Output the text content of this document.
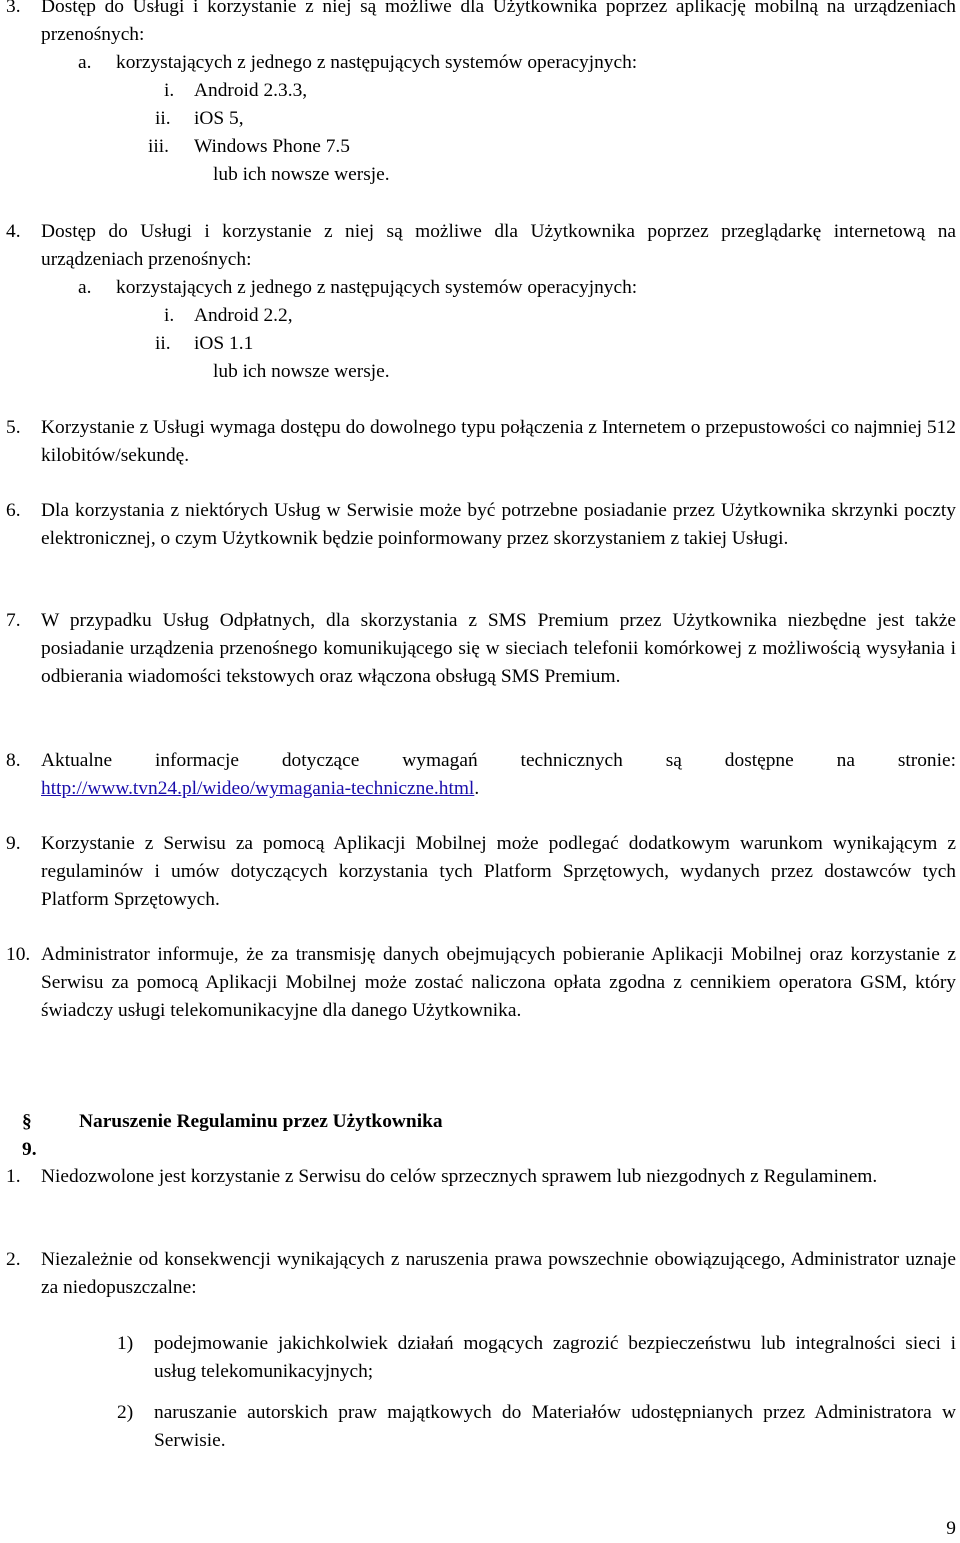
3. Dostęp do Usługi i korzystanie z niej są możliwe dla Użytkownika poprzez aplikację mobilną na urządzeniach przenośnych:
a. korzystających z jednego z następujących systemów operacyjnych:
i. Android 2.3.3,
ii. iOS 5,
iii. Windows Phone 7.5
lub ich nowsze wersje.
4. Dostęp do Usługi i korzystanie z niej są możliwe dla Użytkownika poprzez przeglądarkę internetową na urządzeniach przenośnych:
a. korzystających z jednego z następujących systemów operacyjnych:
i. Android 2.2,
ii. iOS 1.1
lub ich nowsze wersje.
5. Korzystanie z Usługi wymaga dostępu do dowolnego typu połączenia z Internetem o przepustowości co najmniej 512 kilobitów/sekundę.
6. Dla korzystania z niektórych Usług w Serwisie może być potrzebne posiadanie przez Użytkownika skrzynki poczty elektronicznej, o czym Użytkownik będzie poinformowany przez skorzystaniem z takiej Usługi.
7. W przypadku Usług Odpłatnych, dla skorzystania z SMS Premium przez Użytkownika niezbędne jest także posiadanie urządzenia przenośnego komunikującego się w sieciach telefonii komórkowej z możliwością wysyłania i odbierania wiadomości tekstowych oraz włączona obsługą SMS Premium.
8. Aktualne informacje dotyczące wymagań technicznych są dostępne na stronie:
http://www.tvn24.pl/wideo/wymagania-techniczne.html.
9. Korzystanie z Serwisu za pomocą Aplikacji Mobilnej może podlegać dodatkowym warunkom wynikającym z regulaminów i umów dotyczących korzystania tych Platform Sprzętowych, wydanych przez dostawców tych Platform Sprzętowych.
10. Administrator informuje, że za transmisję danych obejmujących pobieranie Aplikacji Mobilnej oraz korzystanie z Serwisu za pomocą Aplikacji Mobilnej może zostać naliczona opłata zgodna z cennikiem operatora GSM, który świadczy usługi telekomunikacyjne dla danego Użytkownika.
§ 9.
Naruszenie Regulaminu przez Użytkownika
1. Niedozwolone jest korzystanie z Serwisu do celów sprzecznych sprawem lub niezgodnych z Regulaminem.
2. Niezależnie od konsekwencji wynikających z naruszenia prawa powszechnie obowiązującego, Administrator uznaje za niedopuszczalne:
1) podejmowanie jakichkolwiek działań mogących zagrozić bezpieczeństwu lub integralności sieci i usług telekomunikacyjnych;
2) naruszanie autorskich praw majątkowych do Materiałów udostępnianych przez Administratora w Serwisie.
9
